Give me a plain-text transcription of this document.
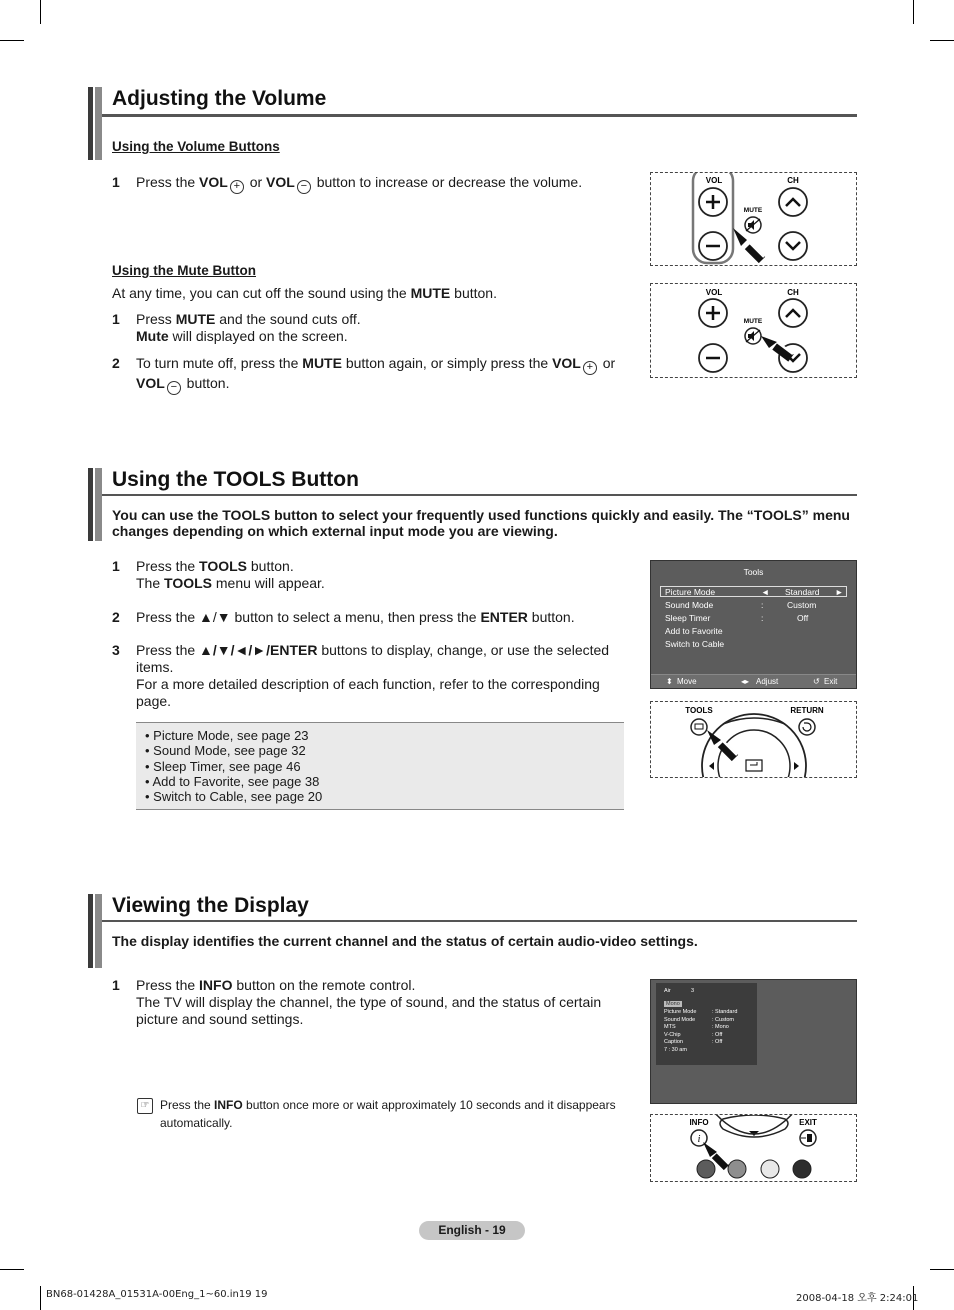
Adjusting the Volume
Using the Volume Buttons
1 Press the VOL + or VOL − button to increase or decrease the volume.
Using the Mute Button
At any time, you can cut off the sound using the MUTE button.
1 Press MUTE and the sound cuts off.
Mute will displayed on the screen.
2 To turn mute off, press the MUTE button again, or simply press the VOL + or
VOL − button.
VOL	CH
MUTE
VOL	CH
MUTE
Using the TOOLS Button
You can use the TOOLS button to select your frequently used functions quickly and easily. The “TOOLS” menu changes depending on which external input mode you are viewing.
1 Press the TOOLS button.
The TOOLS menu will appear.
2 Press the ▲/▼ button to select a menu, then press the ENTER button.
3 Press the ▲/▼/◄/►/ENTER buttons to display, change, or use the selected items.
For a more detailed description of each function, refer to the corresponding page.
• Picture Mode, see page 23
• Sound Mode, see page 32
• Sleep Timer, see page 46
• Add to Favorite, see page 38
• Switch to Cable, see page 20
Tools
Picture Mode	◄ Standard ►
Sound Mode	:	Custom
Sleep Timer	:	Off
Add to Favorite
Switch to Cable
⬍ Move	◂▸ Adjust	↺ Exit
TOOLS	RETURN
Viewing the Display
The display identifies the current channel and the status of certain audio-video settings.
1 Press the INFO button on the remote control.
The TV will display the channel, the type of sound, and the status of certain picture and sound settings.
☞ Press the INFO button once more or wait approximately 10 seconds and it disappears automatically.
Air	3
Mono
Picture Mode	: Standard
Sound Mode	: Custom
MTS	: Mono
V-Chip	: Off
Caption	: Off
7 : 30 am
INFO	EXIT
i
English - 19
BN68-01428A_01531A-00Eng_1~60.in19 19	2008-04-18 오후 2:24:01
